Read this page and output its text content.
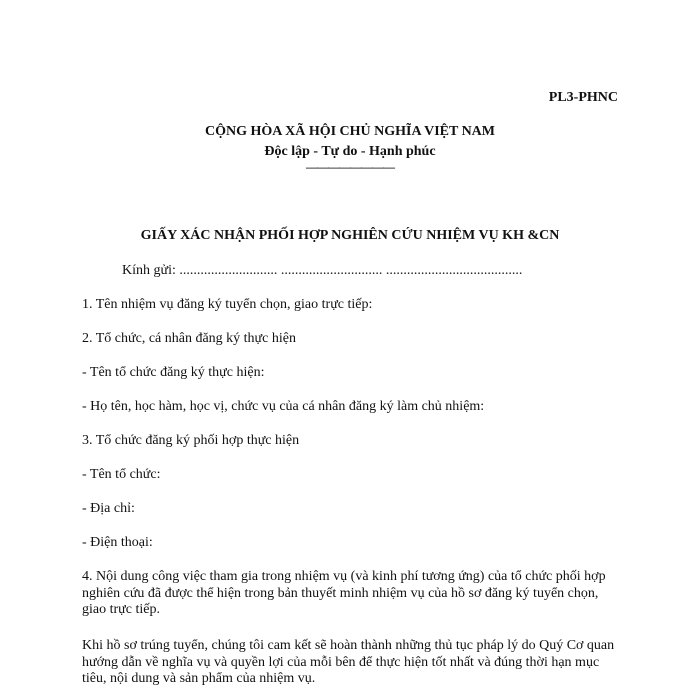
PL3-PHNC
CỘNG HÒA XÃ HỘI CHỦ NGHĨA VIỆT NAM
Độc lập - Tự do - Hạnh phúc
————————
GIẤY XÁC NHẬN PHỐI HỢP NGHIÊN CỨU NHIỆM VỤ KH &CN
Kính gửi: ............................ ............................. .......................................
1. Tên nhiệm vụ đăng ký tuyển chọn, giao trực tiếp:
2. Tổ chức, cá nhân đăng ký thực hiện
- Tên tổ chức đăng ký thực hiện:
- Họ tên, học hàm, học vị, chức vụ của cá nhân đăng ký làm chủ nhiệm:
3. Tổ chức đăng ký phối hợp thực hiện
- Tên tổ chức:
- Địa chỉ:
- Điện thoại:
4. Nội dung công việc tham gia trong nhiệm vụ (và kinh phí tương ứng) của tổ chức phối hợp nghiên cứu đã được thể hiện trong bản thuyết minh nhiệm vụ của hồ sơ đăng ký tuyển chọn, giao trực tiếp.
Khi hồ sơ trúng tuyển, chúng tôi cam kết sẽ hoàn thành những thủ tục pháp lý do Quý Cơ quan hướng dẫn về nghĩa vụ và quyền lợi của mỗi bên để thực hiện tốt nhất và đúng thời hạn mục tiêu, nội dung và sản phẩm của nhiệm vụ.
